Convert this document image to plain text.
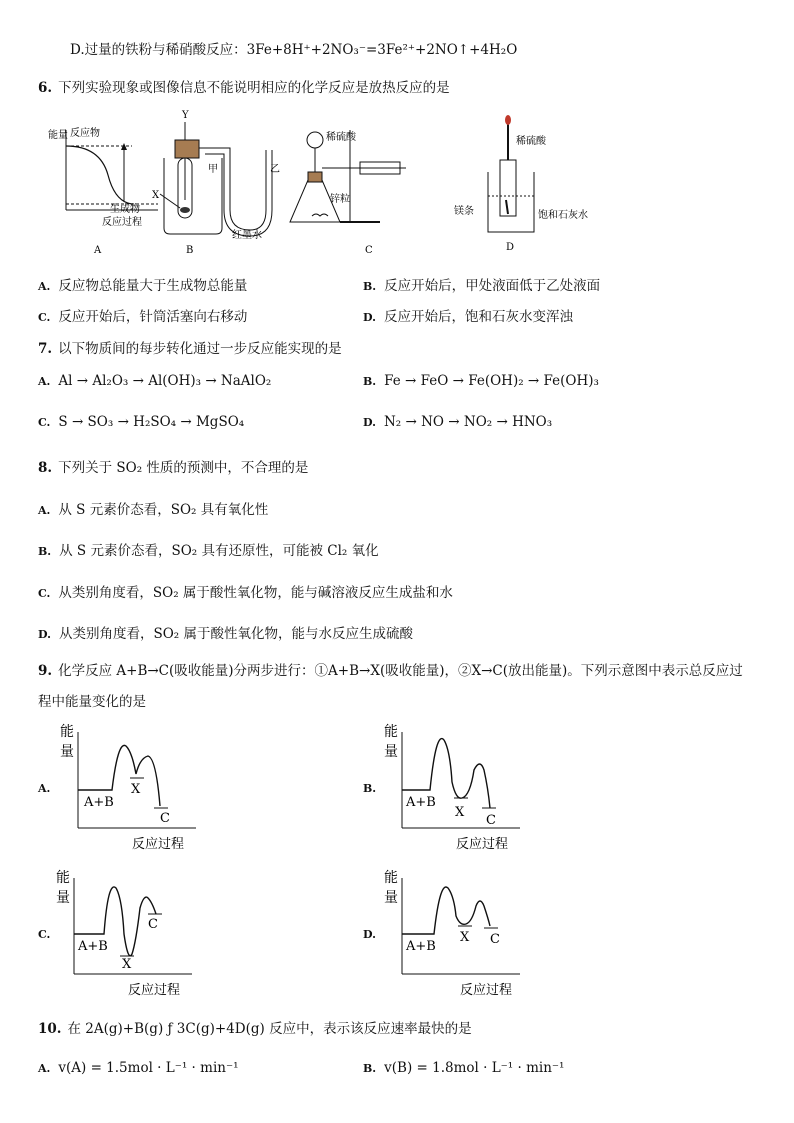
D.过量的铁粉与稀硝酸反应：3Fe+8H⁺+2NO₃⁻=3Fe²⁺+2NO↑+4H₂O
6. 下列实验现象或图像信息不能说明相应的化学反应是放热反应的是
能量 反应物
生成物
反应过程
A
Y
X
甲	乙
红墨水
B
稀硫酸
锌粒
C
稀硫酸
镁条	饱和石灰水
D
A. 反应物总能量大于生成物总能量	B. 反应开始后，甲处液面低于乙处液面
C. 反应开始后，针筒活塞向右移动	D. 反应开始后，饱和石灰水变浑浊
7. 以下物质间的每步转化通过一步反应能实现的是
A. Al → Al₂O₃ → Al(OH)₃ → NaAlO₂	B. Fe → FeO → Fe(OH)₂ → Fe(OH)₃
C. S → SO₃ → H₂SO₄ → MgSO₄	D. N₂ → NO → NO₂ → HNO₃
8. 下列关于 SO₂ 性质的预测中，不合理的是
A. 从 S 元素价态看，SO₂ 具有氧化性
B. 从 S 元素价态看，SO₂ 具有还原性，可能被 Cl₂ 氧化
C. 从类别角度看，SO₂ 属于酸性氧化物，能与碱溶液反应生成盐和水
D. 从类别角度看，SO₂ 属于酸性氧化物，能与水反应生成硫酸
9. 化学反应 A+B→C(吸收能量)分两步进行：①A+B→X(吸收能量)，②X→C(放出能量)。下列示意图中表示总反应过
程中能量变化的是
A.	B.
C.	D.
能
量
A+B
X
C
反应过程
能
量
A+B
X
C
反应过程
能
量
A+B
X
C
反应过程
能
量
A+B
X C
反应过程
10. 在 2A(g)+B(g) ƒ 3C(g)+4D(g) 反应中，表示该反应速率最快的是
A. v(A) = 1.5mol · L⁻¹ · min⁻¹	B. v(B) = 1.8mol · L⁻¹ · min⁻¹
